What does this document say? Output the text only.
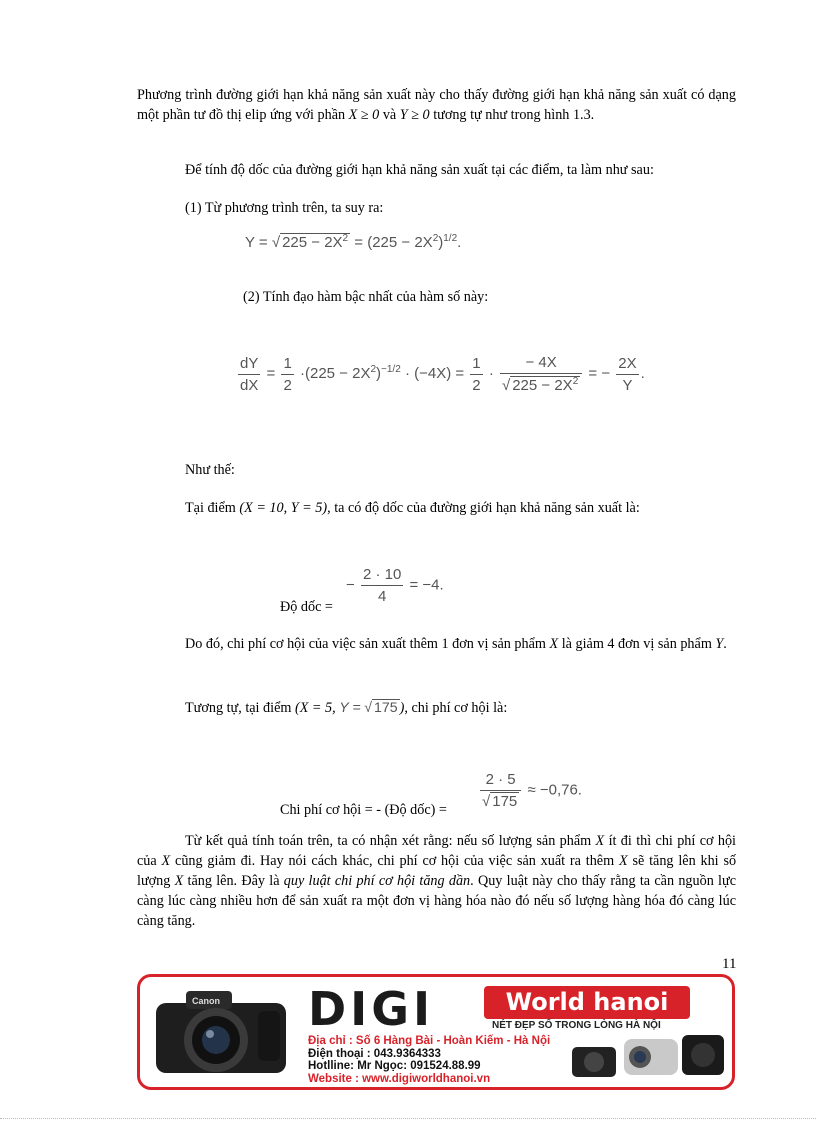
Phương trình đường giới hạn khả năng sản xuất này cho thấy đường giới hạn khả năng sản xuất có dạng một phần tư đồ thị elip ứng với phần X ≥ 0 và Y ≥ 0 tương tự như trong hình 1.3.
Để tính độ dốc của đường giới hạn khả năng sản xuất tại các điểm, ta làm như sau:
(1) Từ phương trình trên, ta suy ra:
Y = √ $225 - 2X^2 = (225 - 2X^2)^{1/2}$.
(2) Tính đạo hàm bậc nhất của hàm số này:
$\frac{dY}{dX} = \frac{1}{2} \cdot(225 - 2X^2)^{-1/2} \cdot (-4X) = \frac{1}{2} \cdot \frac{- 4X}{√ 225 - 2X^2}$ = − $\frac{2X}{Y}$ .
Như thế:
Tại điểm (X = 10, Y = 5), ta có độ dốc của đường giới hạn khả năng sản xuất là:
Độ dốc =
− $\frac{2 \cdot 10}{4} = -4$.
Do đó, chi phí cơ hội của việc sản xuất thêm 1 đơn vị sản phẩm X là giảm 4 đơn vị sản phẩm Y.
Tương tự, tại điểm (X = 5, Y = √ 175 ), chi phí cơ hội là:
Chi phí cơ hội = - (Độ dốc) = $\frac{2 \cdot 5}{√ 175} \approx -0,76$.
Từ kết quả tính toán trên, ta có nhận xét rằng: nếu số lượng sản phẩm X ít đi thì chi phí cơ hội của X cũng giảm đi. Hay nói cách khác, chi phí cơ hội của việc sản xuất ra thêm X sẽ tăng lên khi số lượng X tăng lên. Đây là quy luật chi phí cơ hội tăng dần. Quy luật này cho thấy rằng ta cần nguồn lực càng lúc càng nhiều hơn để sản xuất ra một đơn vị hàng hóa nào đó nếu số lượng hàng hóa đó càng lúc càng tăng.
11
Canon DIGI	World hanoi
NÉT ĐẸP SỐ TRONG LÒNG HÀ NỘI
Địa chỉ : Số 6 Hàng Bài - Hoàn Kiếm - Hà Nội
Điện thoại : 043.9364333
Hotlline: Mr Ngọc: 091524.88.99
Website : www.digiworldhanoi.vn
